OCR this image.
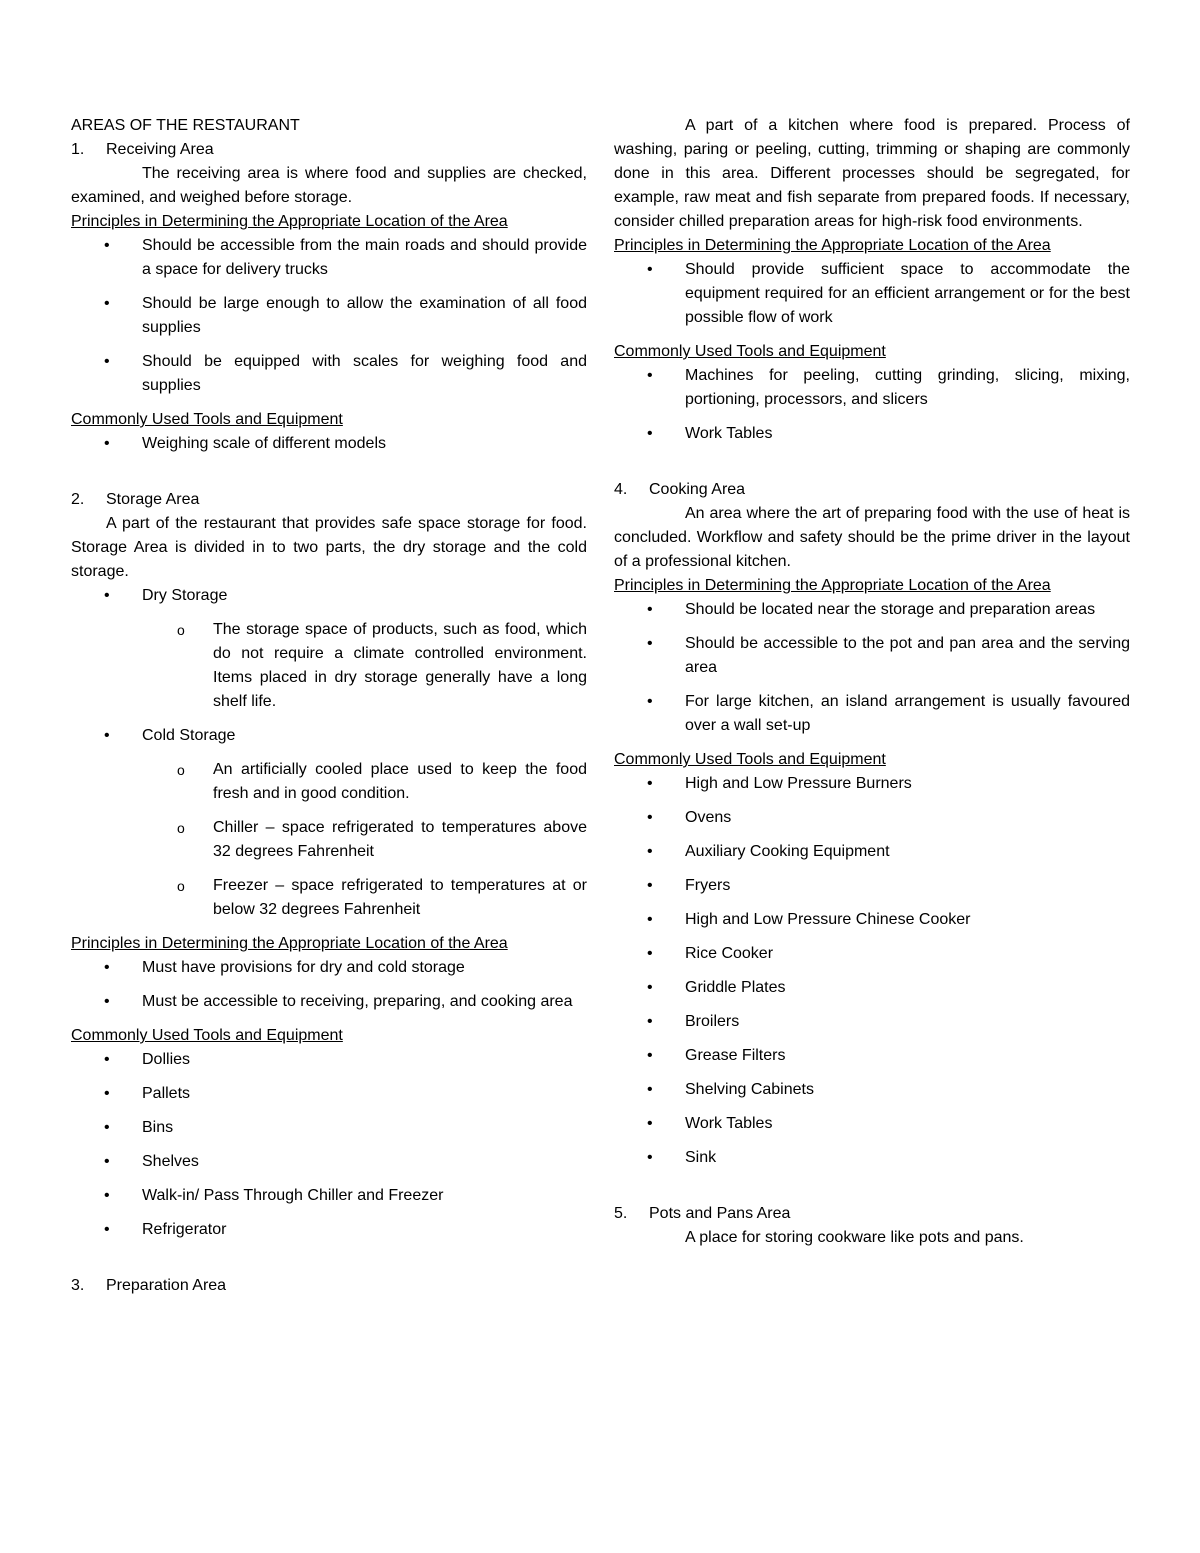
AREAS OF THE RESTAURANT

1. Receiving Area

The receiving area is where food and supplies are checked, examined, and weighed before storage.

Principles in Determining the Appropriate Location of the Area

• Should be accessible from the main roads and should provide a space for delivery trucks
• Should be large enough to allow the examination of all food supplies
• Should be equipped with scales for weighing food and supplies

Commonly Used Tools and Equipment

• Weighing scale of different models

2. Storage Area

A part of the restaurant that provides safe space storage for food. Storage Area is divided in to two parts, the dry storage and the cold storage.

• Dry Storage
o The storage space of products, such as food, which do not require a climate controlled environment. Items placed in dry storage generally have a long shelf life.
• Cold Storage
o An artificially cooled place used to keep the food fresh and in good condition.
o Chiller – space refrigerated to temperatures above 32 degrees Fahrenheit
o Freezer – space refrigerated to temperatures at or below 32 degrees Fahrenheit

Principles in Determining the Appropriate Location of the Area

• Must have provisions for dry and cold storage
• Must be accessible to receiving, preparing, and cooking area

Commonly Used Tools and Equipment

• Dollies
• Pallets
• Bins
• Shelves
• Walk-in/ Pass Through Chiller and Freezer
• Refrigerator

3. Preparation Area

A part of a kitchen where food is prepared. Process of washing, paring or peeling, cutting, trimming or shaping are commonly done in this area. Different processes should be segregated, for example, raw meat and fish separate from prepared foods. If necessary, consider chilled preparation areas for high-risk food environments.

Principles in Determining the Appropriate Location of the Area

• Should provide sufficient space to accommodate the equipment required for an efficient arrangement or for the best possible flow of work

Commonly Used Tools and Equipment

• Machines for peeling, cutting grinding, slicing, mixing, portioning, processors, and slicers
• Work Tables

4. Cooking Area

An area where the art of preparing food with the use of heat is concluded. Workflow and safety should be the prime driver in the layout of a professional kitchen.

Principles in Determining the Appropriate Location of the Area

• Should be located near the storage and preparation areas
• Should be accessible to the pot and pan area and the serving area
• For large kitchen, an island arrangement is usually favoured over a wall set-up

Commonly Used Tools and Equipment

• High and Low Pressure Burners
• Ovens
• Auxiliary Cooking Equipment
• Fryers
• High and Low Pressure Chinese Cooker
• Rice Cooker
• Griddle Plates
• Broilers
• Grease Filters
• Shelving Cabinets
• Work Tables
• Sink

5. Pots and Pans Area

A place for storing cookware like pots and pans.
